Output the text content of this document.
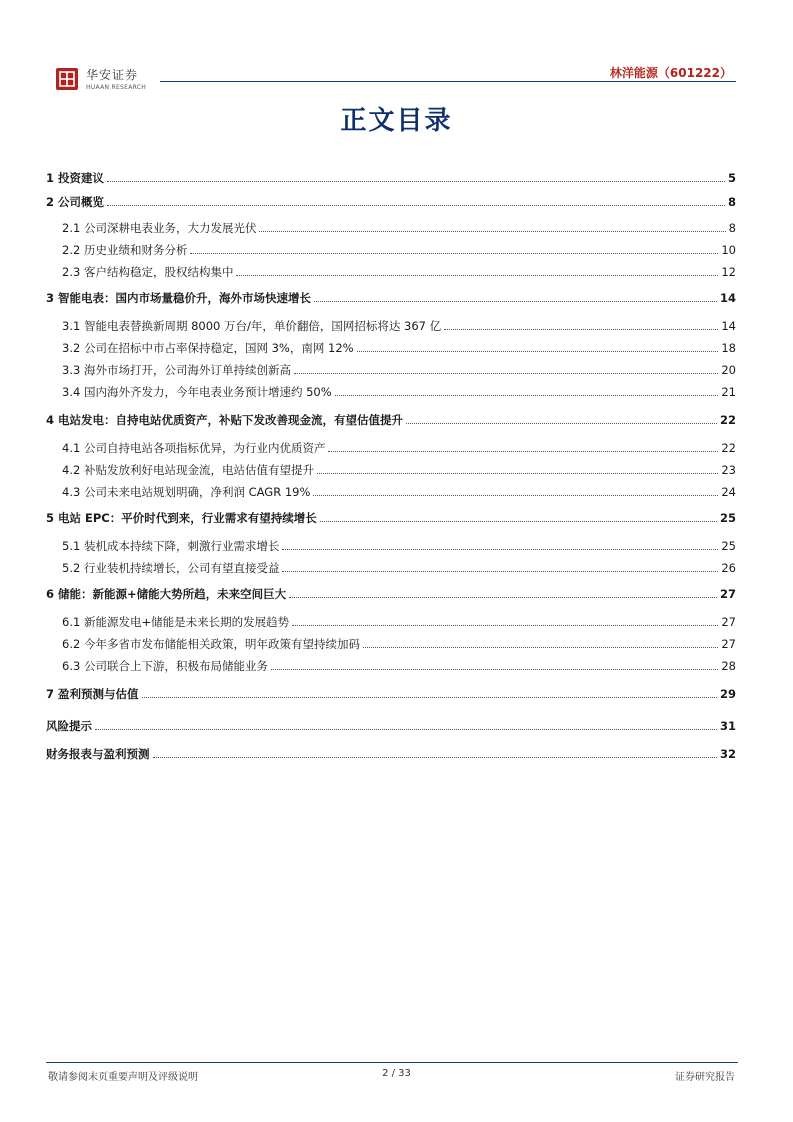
华安证券
HUAAN RESEARCH
林洋能源（601222）
正文目录
1 投资建议	5
2 公司概览	8
2.1 公司深耕电表业务，大力发展光伏	8
2.2 历史业绩和财务分析	10
2.3 客户结构稳定，股权结构集中	12
3 智能电表：国内市场量稳价升，海外市场快速增长	14
3.1 智能电表替换新周期 8000 万台/年，单价翻倍，国网招标将达 367 亿	14
3.2 公司在招标中市占率保持稳定，国网 3%，南网 12%	18
3.3 海外市场打开，公司海外订单持续创新高	20
3.4 国内海外齐发力，今年电表业务预计增速约 50%	21
4 电站发电：自持电站优质资产，补贴下发改善现金流，有望估值提升	22
4.1 公司自持电站各项指标优异，为行业内优质资产	22
4.2 补贴发放利好电站现金流，电站估值有望提升	23
4.3 公司未来电站规划明确，净利润 CAGR 19%	24
5 电站 EPC：平价时代到来，行业需求有望持续增长	25
5.1 装机成本持续下降，刺激行业需求增长	25
5.2 行业装机持续增长，公司有望直接受益	26
6 储能：新能源+储能大势所趋，未来空间巨大	27
6.1 新能源发电+储能是未来长期的发展趋势	27
6.2 今年多省市发布储能相关政策，明年政策有望持续加码	27
6.3 公司联合上下游，积极布局储能业务	28
7 盈利预测与估值	29
风险提示	31
财务报表与盈利预测	32
敬请参阅末页重要声明及评级说明	2 / 33	证券研究报告
